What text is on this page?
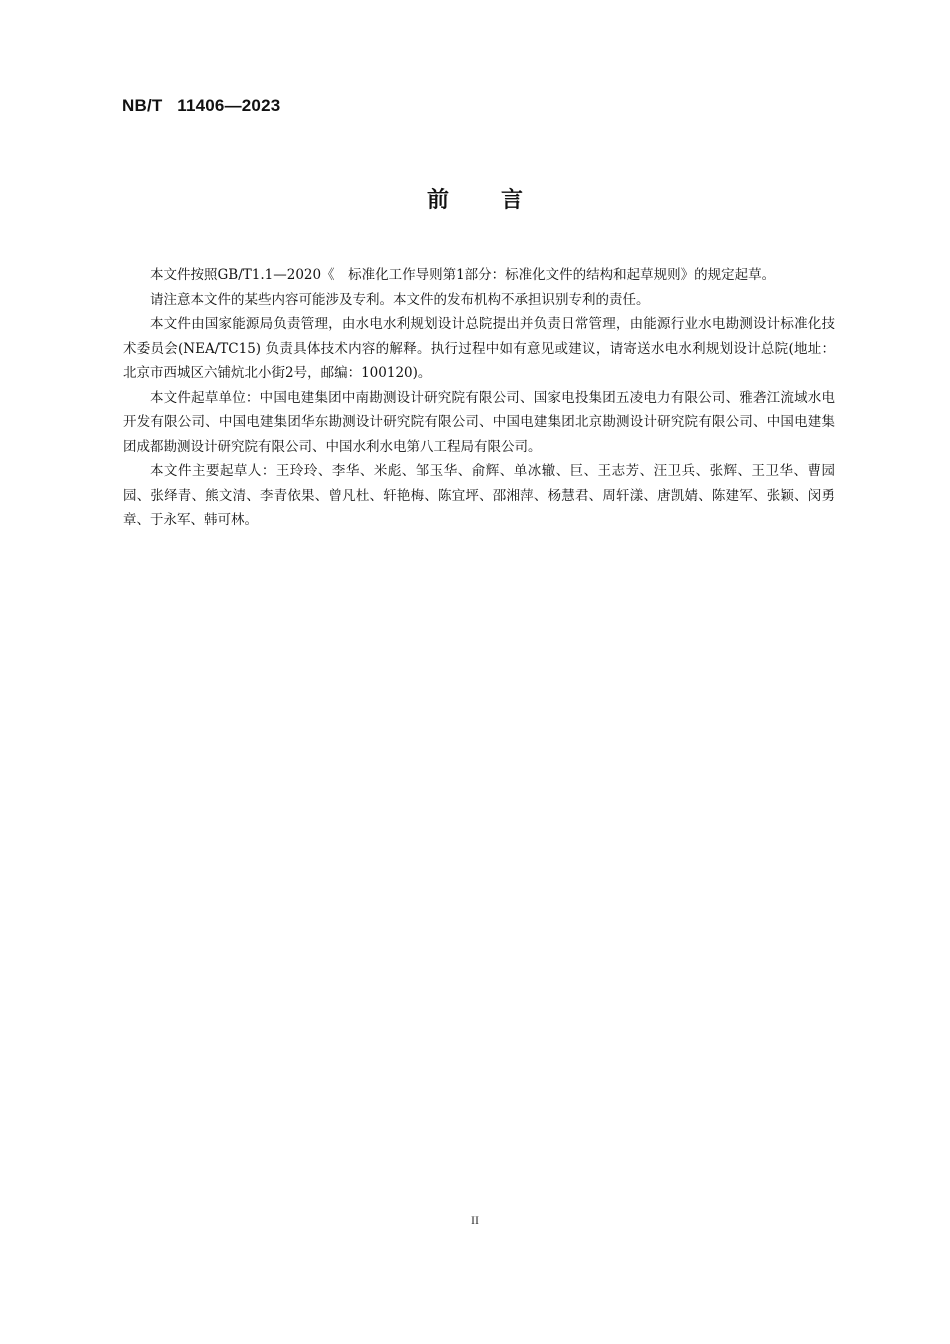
NB/T   11406—2023
前 言

本文件按照GB/T1.1—2020《　标准化工作导则第1部分：标准化文件的结构和起草规则》的规定起草。

请注意本文件的某些内容可能涉及专利。本文件的发布机构不承担识别专利的责任。

本文件由国家能源局负责管理，由水电水利规划设计总院提出并负责日常管理，由能源行业水电勘测设计标准化技术委员会(NEA/TC15) 负责具体技术内容的解释。执行过程中如有意见或建议，请寄送水电水利规划设计总院(地址：北京市西城区六铺炕北小街2号，邮编：100120)。

本文件起草单位：中国电建集团中南勘测设计研究院有限公司、国家电投集团五凌电力有限公司、雅砻江流域水电开发有限公司、中国电建集团华东勘测设计研究院有限公司、中国电建集团北京勘测设计研究院有限公司、中国电建集团成都勘测设计研究院有限公司、中国水利水电第八工程局有限公司。

本文件主要起草人：王玲玲、李华、米彪、邹玉华、俞辉、单冰辙、巨、王志芳、汪卫兵、张辉、王卫华、曹园园、张绎青、熊文清、李青依果、曾凡杜、轩艳梅、陈宜坪、邵湘萍、杨慧君、周轩漾、唐凯婧、陈建军、张颖、闵勇章、于永军、韩可林。

II
